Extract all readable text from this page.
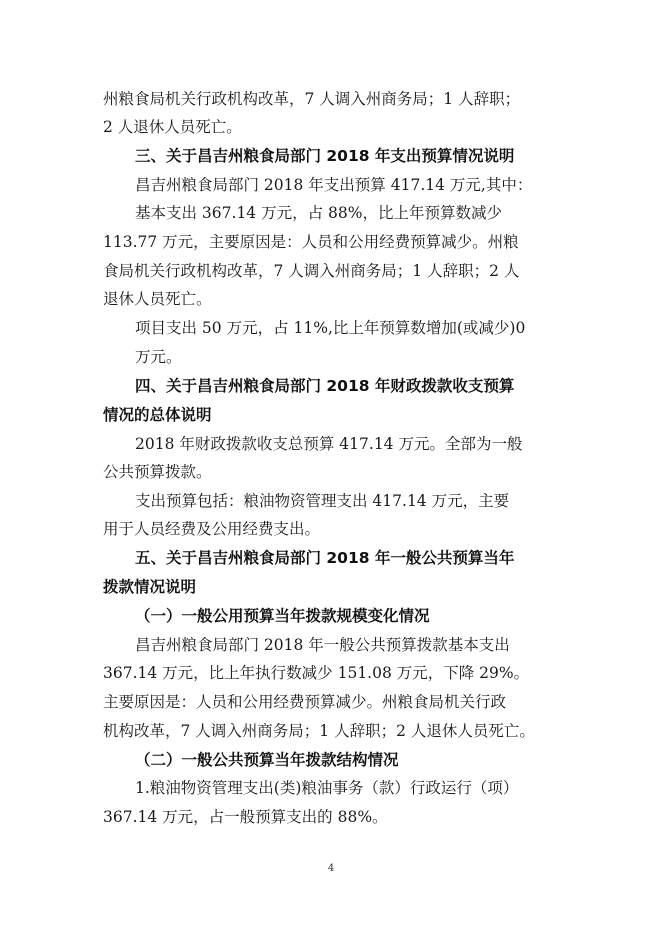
州粮食局机关行政机构改革，7 人调入州商务局；1 人辞职；
2 人退休人员死亡。
三、关于昌吉州粮食局部门 2018 年支出预算情况说明
昌吉州粮食局部门 2018 年支出预算 417.14 万元,其中：
基本支出 367.14 万元，占 88%，比上年预算数减少
113.77 万元，主要原因是：人员和公用经费预算减少。州粮
食局机关行政机构改革，7 人调入州商务局；1 人辞职；2 人
退休人员死亡。
项目支出 50 万元，占 11%,比上年预算数增加(或减少)0
万元。
四、关于昌吉州粮食局部门 2018 年财政拨款收支预算
情况的总体说明
2018 年财政拨款收支总预算 417.14 万元。全部为一般
公共预算拨款。
支出预算包括：粮油物资管理支出 417.14 万元，主要
用于人员经费及公用经费支出。
五、关于昌吉州粮食局部门 2018 年一般公共预算当年
拨款情况说明
（一）一般公用预算当年拨款规模变化情况
昌吉州粮食局部门 2018 年一般公共预算拨款基本支出
367.14 万元，比上年执行数减少 151.08 万元，下降 29%。
主要原因是：人员和公用经费预算减少。州粮食局机关行政
机构改革，7 人调入州商务局；1 人辞职；2 人退休人员死亡。
（二）一般公共预算当年拨款结构情况
1.粮油物资管理支出(类)粮油事务（款）行政运行（项）
367.14 万元，占一般预算支出的 88%。
4
